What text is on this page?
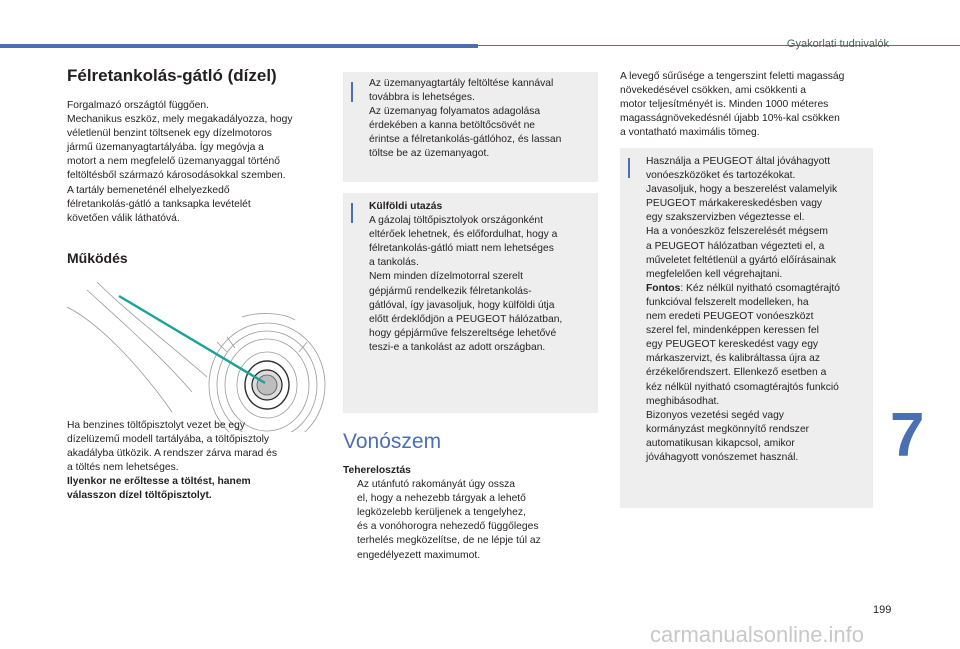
Gyakorlati tudnivalók
Félretankolás-gátló (dízel)

Forgalmazó országtól függően.

Mechanikus eszköz, mely megakadályozza, hogy

véletlenül benzint töltsenek egy dízelmotoros

jármű üzemanyagtartályába. Így megóvja a

motort a nem megfelelő üzemanyaggal történő

feltöltésből származó károsodásokkal szemben.

A tartály bemeneténél elhelyezkedő

félretankolás-gátló a tanksapka levételét

követően válik láthatóvá.

Működés

Ha benzines töltőpisztolyt vezet be egy

dízelüzemű modell tartályába, a töltőpisztoly

akadályba ütközik. A rendszer zárva marad és

a töltés nem lehetséges.

Ilyenkor ne erőltesse a töltést, hanem

válasszon dízel töltőpisztolyt.

Az üzemanyagtartály feltöltése kannával

továbbra is lehetséges.

Az üzemanyag folyamatos adagolása

érdekében a kanna betöltőcsövét ne

érintse a félretankolás-gátlóhoz, és lassan

töltse be az üzemanyagot.

Külföldi utazás

A gázolaj töltőpisztolyok országonként

eltérőek lehetnek, és előfordulhat, hogy a

félretankolás-gátló miatt nem lehetséges

a tankolás.

Nem minden dízelmotorral szerelt

gépjármű rendelkezik félretankolás-

gátlóval, így javasoljuk, hogy külföldi útja

előtt érdeklődjön a PEUGEOT hálózatban,

hogy gépjárműve felszereltsége lehetővé

teszi-e a tankolást az adott országban.

Vonószem

Teherelosztás

Az utánfutó rakományát úgy ossza

el, hogy a nehezebb tárgyak a lehető

legközelebb kerüljenek a tengelyhez,

és a vonóhorogra nehezedő függőleges

terhelés megközelítse, de ne lépje túl az

engedélyezett maximumot.

A levegő sűrűsége a tengerszint feletti magasság

növekedésével csökken, ami csökkenti a

motor teljesítményét is. Minden 1000 méteres

magasságnövekedésnél újabb 10%-kal csökken

a vontatható maximális tömeg.

Használja a PEUGEOT által jóváhagyott

vonóeszközöket és tartozékokat.

Javasoljuk, hogy a beszerelést valamelyik

PEUGEOT márkakereskedésben vagy

egy szakszervizben végeztesse el.

Ha a vonóeszköz felszerelését mégsem

a PEUGEOT hálózatban végezteti el, a

műveletet feltétlenül a gyártó előírásainak

megfelelően kell végrehajtani.

Fontos: Kéz nélkül nyitható csomagtérajtó

funkcióval felszerelt modelleken, ha

nem eredeti PEUGEOT vonóeszközt

szerel fel, mindenképpen keressen fel

egy PEUGEOT kereskedést vagy egy

márkaszervizt, és kalibráltassa újra az

érzékelőrendszert. Ellenkező esetben a

kéz nélkül nyitható csomagtérajtós funkció

meghibásodhat.

Bizonyos vezetési segéd vagy

kormányzást megkönnyítő rendszer

automatikusan kikapcsol, amikor

jóváhagyott vonószemet használ.	7
199
carmanualsonline.info
